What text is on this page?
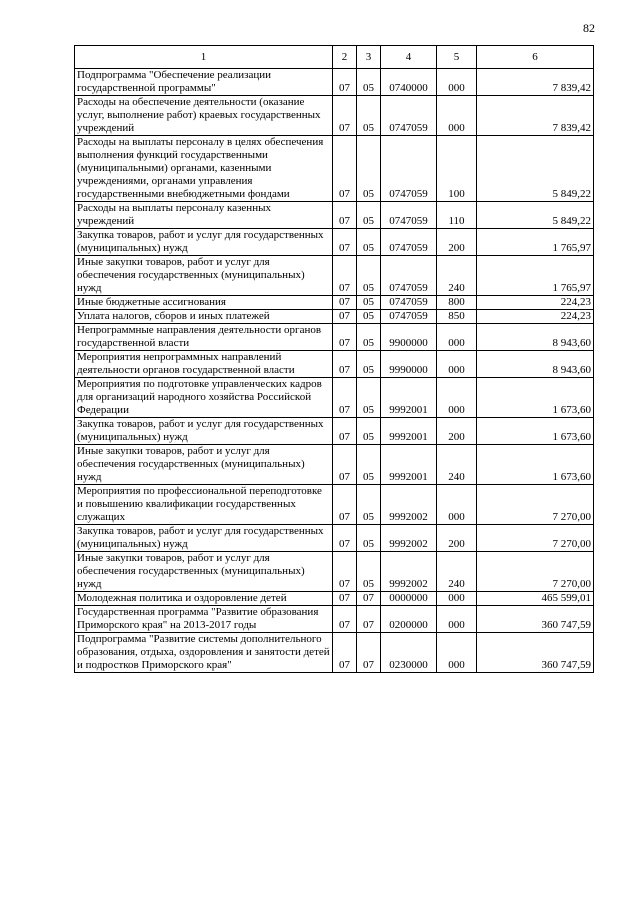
82
1	2	3	4	5	6
Подпрограмма "Обеспечение реализации государственной программы"	07	05	0740000	000	7 839,42
Расходы на обеспечение деятельности (оказание услуг, выполнение работ) краевых государственных учреждений	07	05	0747059	000	7 839,42
Расходы на выплаты персоналу в целях обеспечения выполнения функций государственными (муниципальными) органами, казенными учреждениями, органами управления государственными внебюджетными фондами	07	05	0747059	100	5 849,22
Расходы на выплаты персоналу казенных учреждений	07	05	0747059	110	5 849,22
Закупка товаров, работ и услуг для государственных (муниципальных) нужд	07	05	0747059	200	1 765,97
Иные закупки товаров, работ и услуг для обеспечения государственных (муниципальных) нужд	07	05	0747059	240	1 765,97
Иные бюджетные ассигнования	07	05	0747059	800	224,23
Уплата налогов, сборов и иных платежей	07	05	0747059	850	224,23
Непрограммные направления деятельности органов государственной власти	07	05	9900000	000	8 943,60
Мероприятия непрограммных направлений деятельности органов государственной власти	07	05	9990000	000	8 943,60
Мероприятия по подготовке управленческих кадров для организаций народного хозяйства Российской Федерации	07	05	9992001	000	1 673,60
Закупка товаров, работ и услуг для государственных (муниципальных) нужд	07	05	9992001	200	1 673,60
Иные закупки товаров, работ и услуг для обеспечения государственных (муниципальных) нужд	07	05	9992001	240	1 673,60
Мероприятия по профессиональной переподготовке и повышению квалификации государственных служащих	07	05	9992002	000	7 270,00
Закупка товаров, работ и услуг для государственных (муниципальных) нужд	07	05	9992002	200	7 270,00
Иные закупки товаров, работ и услуг для обеспечения государственных (муниципальных) нужд	07	05	9992002	240	7 270,00
Молодежная политика и оздоровление детей	07	07	0000000	000	465 599,01
Государственная программа "Развитие образования Приморского края" на 2013-2017 годы	07	07	0200000	000	360 747,59
Подпрограмма "Развитие системы дополнительного образования, отдыха, оздоровления и занятости детей и подростков Приморского края"	07	07	0230000	000	360 747,59
